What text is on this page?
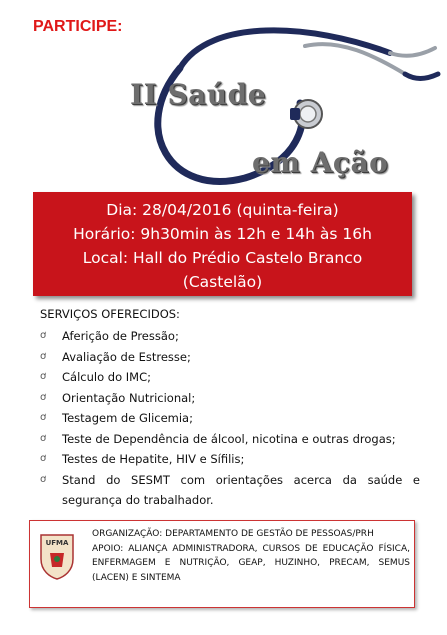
PARTICIPE:
II Saúde
em Ação
Dia: 28/04/2016 (quinta-feira)
Horário: 9h30min às 12h e 14h às 16h
Local: Hall do Prédio Castelo Branco
(Castelão)
SERVIÇOS OFERECIDOS:
ơ Aferição de Pressão;
ơ Avaliação de Estresse;
ơ Cálculo do IMC;
ơ Orientação Nutricional;
ơ Testagem de Glicemia;
ơ Teste de Dependência de álcool, nicotina e outras drogas;
ơ Testes de Hepatite, HIV e Sífilis;
ơ Stand do SESMT com orientações acerca da saúde e segurança do trabalhador.
UFMA
ORGANIZAÇÃO: DEPARTAMENTO DE GESTÃO DE PESSOAS/PRH
APOIO: ALIANÇA ADMINISTRADORA, CURSOS DE EDUCAÇÃO FÍSICA, ENFERMAGEM E NUTRIÇÃO, GEAP, HUZINHO, PRECAM, SEMUS (LACEN) E SINTEMA
